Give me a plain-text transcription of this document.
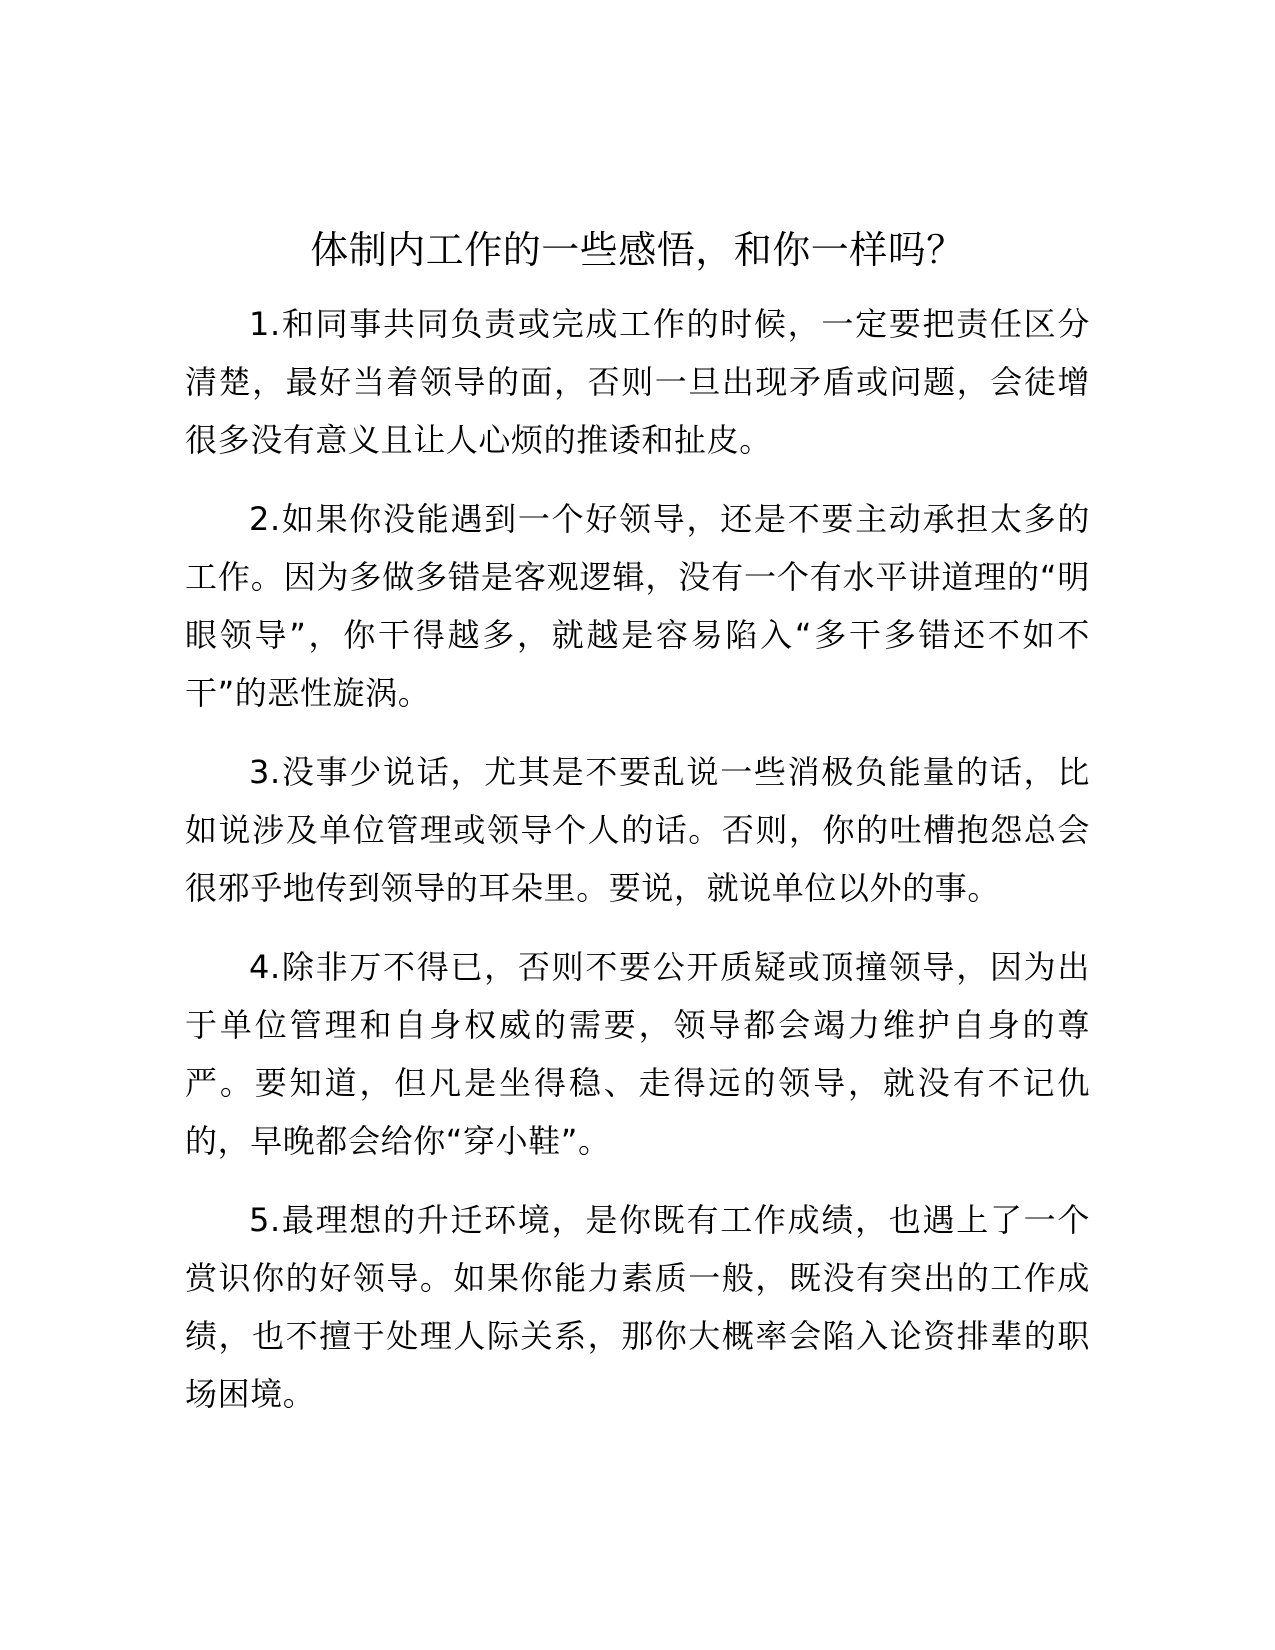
体制内工作的一些感悟，和你一样吗？

1.和同事共同负责或完成工作的时候，一定要把责任区分清楚，最好当着领导的面，否则一旦出现矛盾或问题，会徒增很多没有意义且让人心烦的推诿和扯皮。

2.如果你没能遇到一个好领导，还是不要主动承担太多的工作。因为多做多错是客观逻辑，没有一个有水平讲道理的“明眼领导”，你干得越多，就越是容易陷入“多干多错还不如不干”的恶性旋涡。

3.没事少说话，尤其是不要乱说一些消极负能量的话，比如说涉及单位管理或领导个人的话。否则，你的吐槽抱怨总会很邪乎地传到领导的耳朵里。要说，就说单位以外的事。

4.除非万不得已，否则不要公开质疑或顶撞领导，因为出于单位管理和自身权威的需要，领导都会竭力维护自身的尊严。要知道，但凡是坐得稳、走得远的领导，就没有不记仇的，早晚都会给你“穿小鞋”。

5.最理想的升迁环境，是你既有工作成绩，也遇上了一个赏识你的好领导。如果你能力素质一般，既没有突出的工作成绩，也不擅于处理人际关系，那你大概率会陷入论资排辈的职场困境。
